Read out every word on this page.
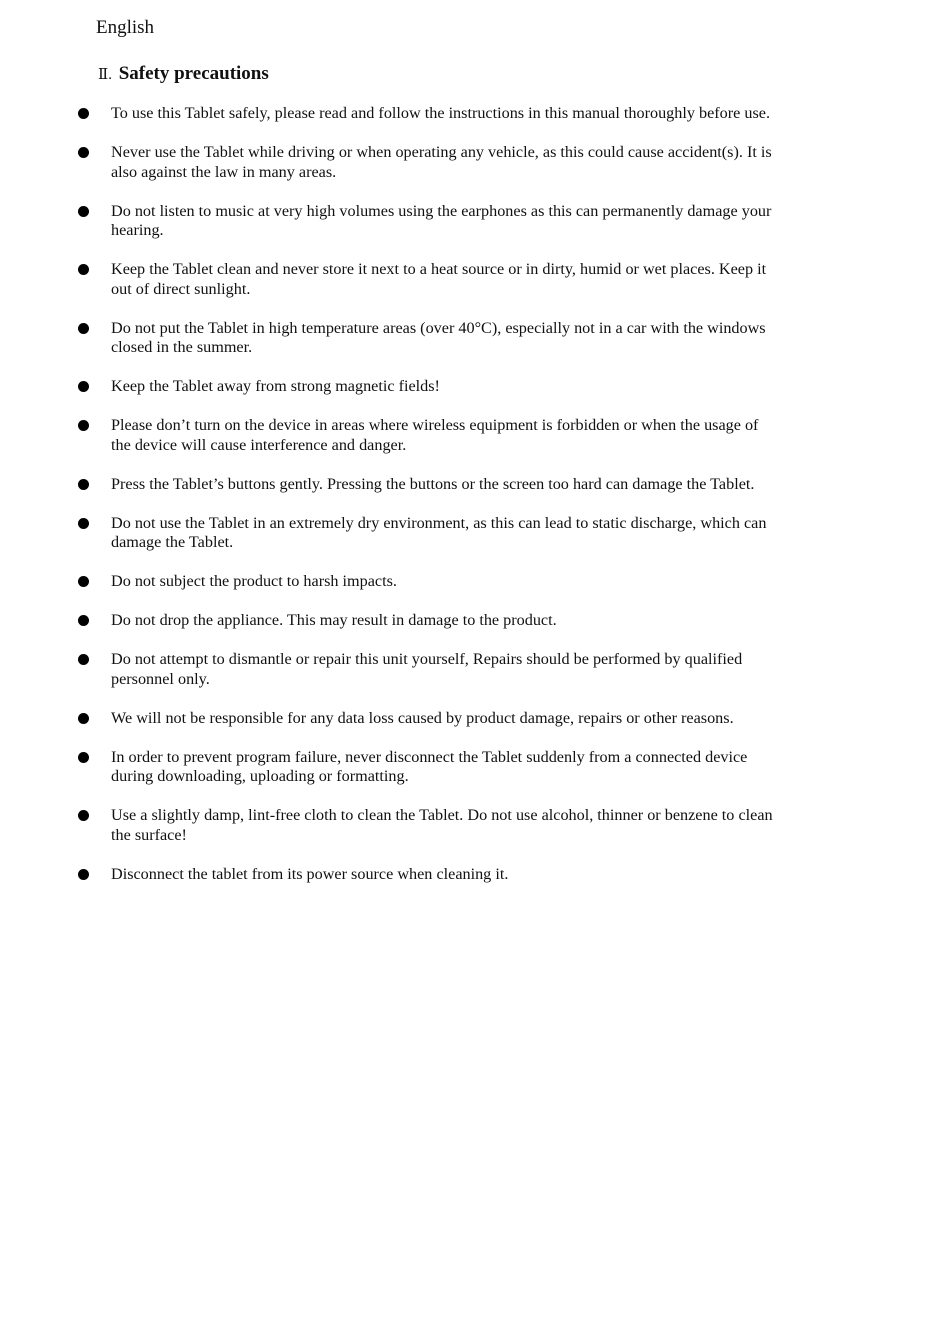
English
Ⅱ. Safety precautions
To use this Tablet safely, please read and follow the instructions in this manual thoroughly before use.
Never use the Tablet while driving or when operating any vehicle, as this could cause accident(s). It is also against the law in many areas.
Do not listen to music at very high volumes using the earphones as this can permanently damage your hearing.
Keep the Tablet clean and never store it next to a heat source or in dirty, humid or wet places. Keep it out of direct sunlight.
Do not put the Tablet in high temperature areas (over 40°C), especially not in a car with the windows closed in the summer.
Keep the Tablet away from strong magnetic fields!
Please don’t turn on the device in areas where wireless equipment is forbidden or when the usage of the device will cause interference and danger.
Press the Tablet’s buttons gently. Pressing the buttons or the screen too hard can damage the Tablet.
Do not use the Tablet in an extremely dry environment, as this can lead to static discharge, which can damage the Tablet.
Do not subject the product to harsh impacts.
Do not drop the appliance. This may result in damage to the product.
Do not attempt to dismantle or repair this unit yourself, Repairs should be performed by qualified personnel only.
We will not be responsible for any data loss caused by product damage, repairs or other reasons.
In order to prevent program failure, never disconnect the Tablet suddenly from a connected device during downloading, uploading or formatting.
Use a slightly damp, lint-free cloth to clean the Tablet. Do not use alcohol, thinner or benzene to clean the surface!
Disconnect the tablet from its power source when cleaning it.
